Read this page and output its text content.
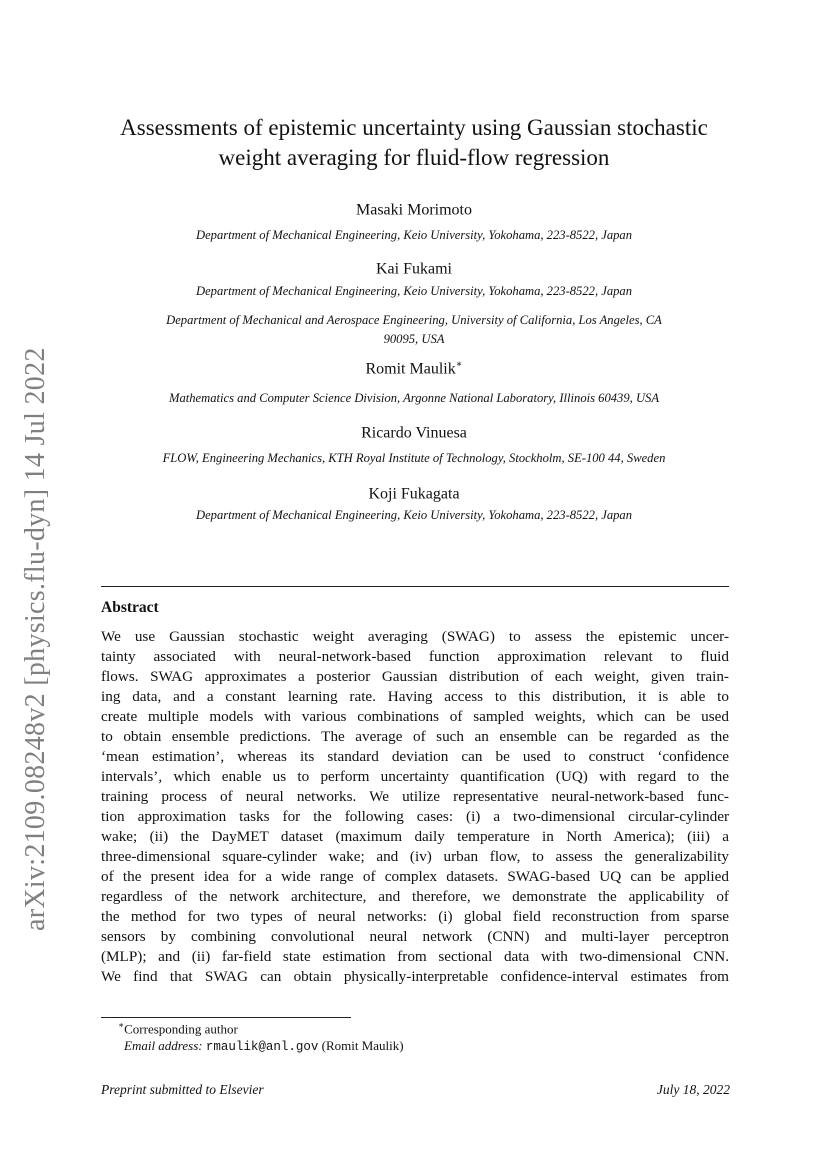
arXiv:2109.08248v2 [physics.flu-dyn] 14 Jul 2022
Assessments of epistemic uncertainty using Gaussian stochastic
weight averaging for fluid-flow regression
Masaki Morimoto
Department of Mechanical Engineering, Keio University, Yokohama, 223-8522, Japan
Kai Fukami
Department of Mechanical Engineering, Keio University, Yokohama, 223-8522, Japan
Department of Mechanical and Aerospace Engineering, University of California, Los Angeles, CA
90095, USA
Romit Maulik∗
Mathematics and Computer Science Division, Argonne National Laboratory, Illinois 60439, USA
Ricardo Vinuesa
FLOW, Engineering Mechanics, KTH Royal Institute of Technology, Stockholm, SE-100 44, Sweden
Koji Fukagata
Department of Mechanical Engineering, Keio University, Yokohama, 223-8522, Japan
Abstract
We use Gaussian stochastic weight averaging (SWAG) to assess the epistemic uncer-
tainty associated with neural-network-based function approximation relevant to fluid
flows. SWAG approximates a posterior Gaussian distribution of each weight, given train-
ing data, and a constant learning rate. Having access to this distribution, it is able to
create multiple models with various combinations of sampled weights, which can be used
to obtain ensemble predictions. The average of such an ensemble can be regarded as the
‘mean estimation’, whereas its standard deviation can be used to construct ‘confidence
intervals’, which enable us to perform uncertainty quantification (UQ) with regard to the
training process of neural networks. We utilize representative neural-network-based func-
tion approximation tasks for the following cases: (i) a two-dimensional circular-cylinder
wake; (ii) the DayMET dataset (maximum daily temperature in North America); (iii) a
three-dimensional square-cylinder wake; and (iv) urban flow, to assess the generalizability
of the present idea for a wide range of complex datasets. SWAG-based UQ can be applied
regardless of the network architecture, and therefore, we demonstrate the applicability of
the method for two types of neural networks: (i) global field reconstruction from sparse
sensors by combining convolutional neural network (CNN) and multi-layer perceptron
(MLP); and (ii) far-field state estimation from sectional data with two-dimensional CNN.
We find that SWAG can obtain physically-interpretable confidence-interval estimates from
∗Corresponding author
Email address: rmaulik@anl.gov (Romit Maulik)
Preprint submitted to Elsevier	July 18, 2022
